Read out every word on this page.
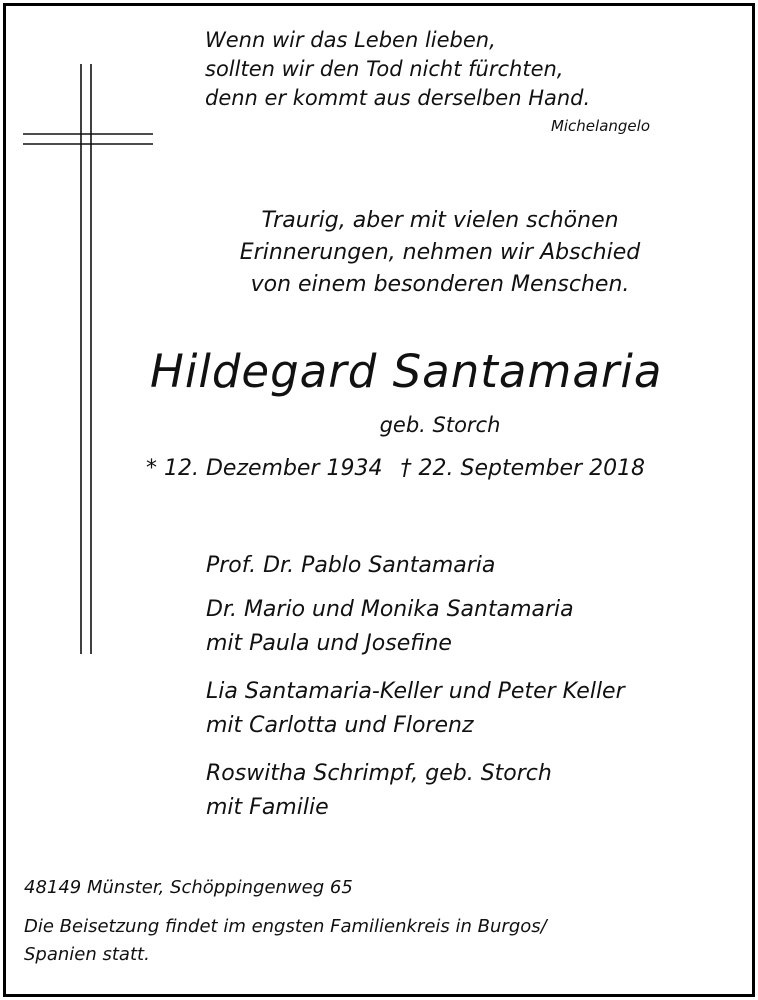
Wenn wir das Leben lieben,
sollten wir den Tod nicht fürchten,
denn er kommt aus derselben Hand.
Michelangelo
Traurig, aber mit vielen schönen
Erinnerungen, nehmen wir Abschied
von einem besonderen Menschen.
Hildegard Santamaria
geb. Storch
* 12. Dezember 1934 † 22. September 2018
Prof. Dr. Pablo Santamaria
Dr. Mario und Monika Santamaria
mit Paula und Josefine
Lia Santamaria-Keller und Peter Keller
mit Carlotta und Florenz
Roswitha Schrimpf, geb. Storch
mit Familie
48149 Münster, Schöppingenweg 65
Die Beisetzung findet im engsten Familienkreis in Burgos/
Spanien statt.
